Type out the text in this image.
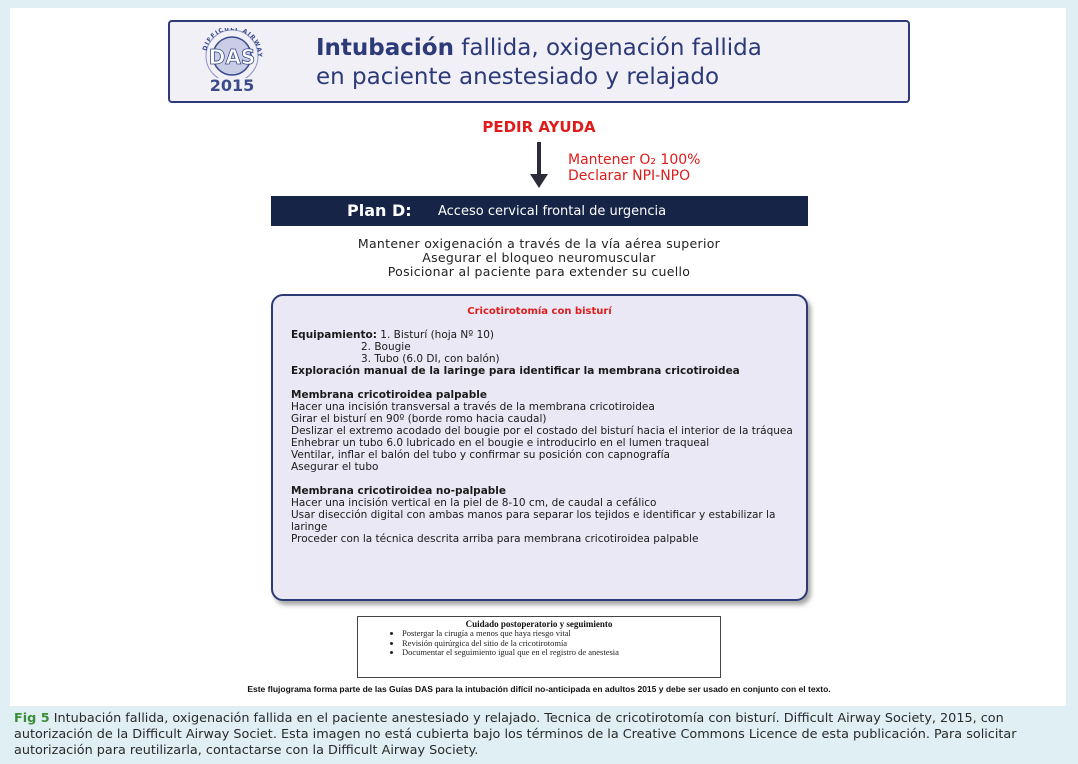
DIFFICULT AIRWAY
DAS
2015
Intubación fallida, oxigenación fallida
en paciente anestesiado y relajado
PEDIR AYUDA
Mantener O₂ 100%
Declarar NPI-NPO
Plan D: Acceso cervical frontal de urgencia
Mantener oxigenación a través de la vía aérea superior
Asegurar el bloqueo neuromuscular
Posicionar al paciente para extender su cuello
Cricotirotomía con bisturí
Equipamiento: 1. Bisturí (hoja Nº 10)
2. Bougie
3. Tubo (6.0 DI, con balón)
Exploración manual de la laringe para identificar la membrana cricotiroidea
Membrana cricotiroidea palpable
Hacer una incisión transversal a través de la membrana cricotiroidea
Girar el bisturí en 90º (borde romo hacia caudal)
Deslizar el extremo acodado del bougie por el costado del bisturí hacia el interior de la tráquea
Enhebrar un tubo 6.0 lubricado en el bougie e introducirlo en el lumen traqueal
Ventilar, inflar el balón del tubo y confirmar su posición con capnografía
Asegurar el tubo
Membrana cricotiroidea no-palpable
Hacer una incisión vertical en la piel de 8-10 cm, de caudal a cefálico
Usar disección digital con ambas manos para separar los tejidos e identificar y estabilizar la laringe
Proceder con la técnica descrita arriba para membrana cricotiroidea palpable
Cuidado postoperatorio y seguimiento
• Postergar la cirugía a menos que haya riesgo vital
• Revisión quirúrgica del sitio de la cricotirotomía
• Documentar el seguimiento igual que en el registro de anestesia
Este flujograma forma parte de las Guías DAS para la intubación difícil no-anticipada en adultos 2015 y debe ser usado en conjunto con el texto.
Fig 5 Intubación fallida, oxigenación fallida en el paciente anestesiado y relajado. Tecnica de cricotirotomía con bisturí. Difficult Airway Society, 2015, con autorización de la Difficult Airway Societ. Esta imagen no está cubierta bajo los términos de la Creative Commons Licence de esta publicación. Para solicitar autorización para reutilizarla, contactarse con la Difficult Airway Society.
